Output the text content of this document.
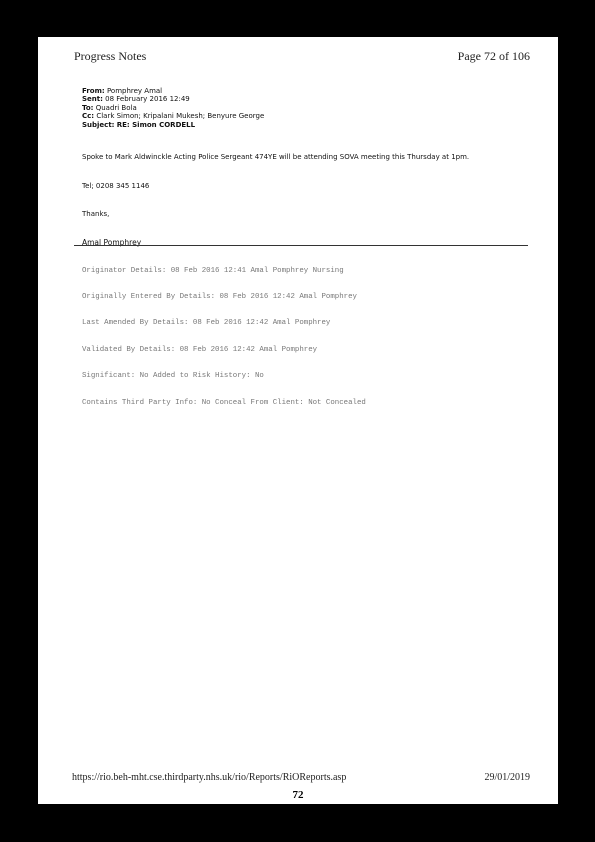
Progress Notes	Page 72 of 106
From: Pomphrey Amal
Sent: 08 February 2016 12:49
To: Quadri Bola
Cc: Clark Simon; Kripalani Mukesh; Benyure George
Subject: RE: Simon CORDELL
Spoke to Mark Aldwinckle Acting Police Sergeant 474YE will be attending SOVA meeting this Thursday at 1pm.
Tel; 0208 345 1146
Thanks,
Amal Pomphrey

Originator Details: 08 Feb 2016 12:41 Amal Pomphrey Nursing

Originally Entered By Details: 08 Feb 2016 12:42 Amal Pomphrey

Last Amended By Details: 08 Feb 2016 12:42 Amal Pomphrey

Validated By Details: 08 Feb 2016 12:42 Amal Pomphrey

Significant: No Added to Risk History: No

Contains Third Party Info: No Conceal From Client: Not Concealed

https://rio.beh-mht.cse.thirdparty.nhs.uk/rio/Reports/RiOReports.asp	29/01/2019
72
